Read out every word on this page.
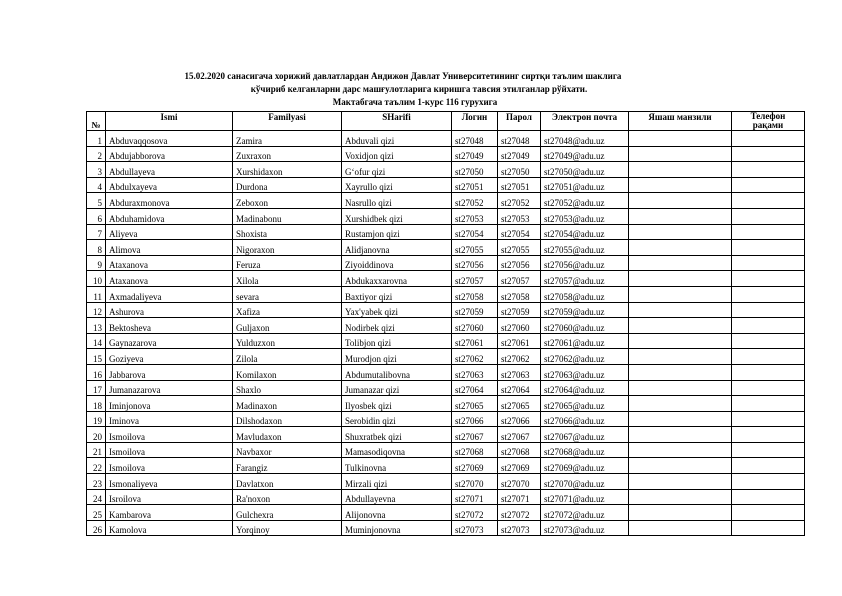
15.02.2020 санасигача хорижий давлатлардан Андижон Давлат Университетининг сиртқи таълим шаклига
кўчириб келганларни дарс машғулотларига киришга тавсия этилганлар рўйхати.
Мактабгача таълим 1-курс 116 гурухига
№	Ismi	Familyasi	SHarifi	Логин	Парол	Электрон почта	Яшаш манзили	Телефон рақами
1	Abduvaqqosova	Zamira	Abduvali qizi	st27048	st27048	st27048@adu.uz		
2	Abdujabborova	Zuxraxon	Voxidjon qizi	st27049	st27049	st27049@adu.uz		
3	Abdullayeva	Xurshidaxon	G‘ofur qizi	st27050	st27050	st27050@adu.uz		
4	Abdulxayeva	Durdona	Xayrullo qizi	st27051	st27051	st27051@adu.uz		
5	Abduraxmonova	Zeboxon	Nasrullo qizi	st27052	st27052	st27052@adu.uz		
6	Abduhamidova	Madinabonu	Xurshidbek qizi	st27053	st27053	st27053@adu.uz		
7	Aliyeva	Shoxista	Rustamjon qizi	st27054	st27054	st27054@adu.uz		
8	Alimova	Nigoraxon	Alidjanovna	st27055	st27055	st27055@adu.uz		
9	Ataxanova	Feruza	Ziyoiddinova	st27056	st27056	st27056@adu.uz		
10	Ataxanova	Xilola	Abdukaxxarovna	st27057	st27057	st27057@adu.uz		
11	Axmadaliyeva	sevara	Baxtiyor qizi	st27058	st27058	st27058@adu.uz		
12	Ashurova	Xafiza	Yax'yabek qizi	st27059	st27059	st27059@adu.uz		
13	Bektosheva	Guljaxon	Nodirbek qizi	st27060	st27060	st27060@adu.uz		
14	Gaynazarova	Yulduzxon	Tolibjon qizi	st27061	st27061	st27061@adu.uz		
15	Goziyeva	Zilola	Murodjon qizi	st27062	st27062	st27062@adu.uz		
16	Jabbarova	Komilaxon	Abdumutalibovna	st27063	st27063	st27063@adu.uz		
17	Jumanazarova	Shaxlo	Jumanazar qizi	st27064	st27064	st27064@adu.uz		
18	Iminjonova	Madinaxon	Ilyosbek qizi	st27065	st27065	st27065@adu.uz		
19	Iminova	Dilshodaxon	Serobidin qizi	st27066	st27066	st27066@adu.uz		
20	Ismoilova	Mavludaxon	Shuxratbek qizi	st27067	st27067	st27067@adu.uz		
21	Ismoilova	Navbaxor	Mamasodiqovna	st27068	st27068	st27068@adu.uz		
22	Ismoilova	Farangiz	Tulkinovna	st27069	st27069	st27069@adu.uz		
23	Ismonaliyeva	Davlatxon	Mirzali qizi	st27070	st27070	st27070@adu.uz		
24	Isroilova	Ra'noxon	Abdullayevna	st27071	st27071	st27071@adu.uz		
25	Kambarova	Gulchexra	Alijonovna	st27072	st27072	st27072@adu.uz		
26	Kamolova	Yorqinoy	Muminjonovna	st27073	st27073	st27073@adu.uz		
